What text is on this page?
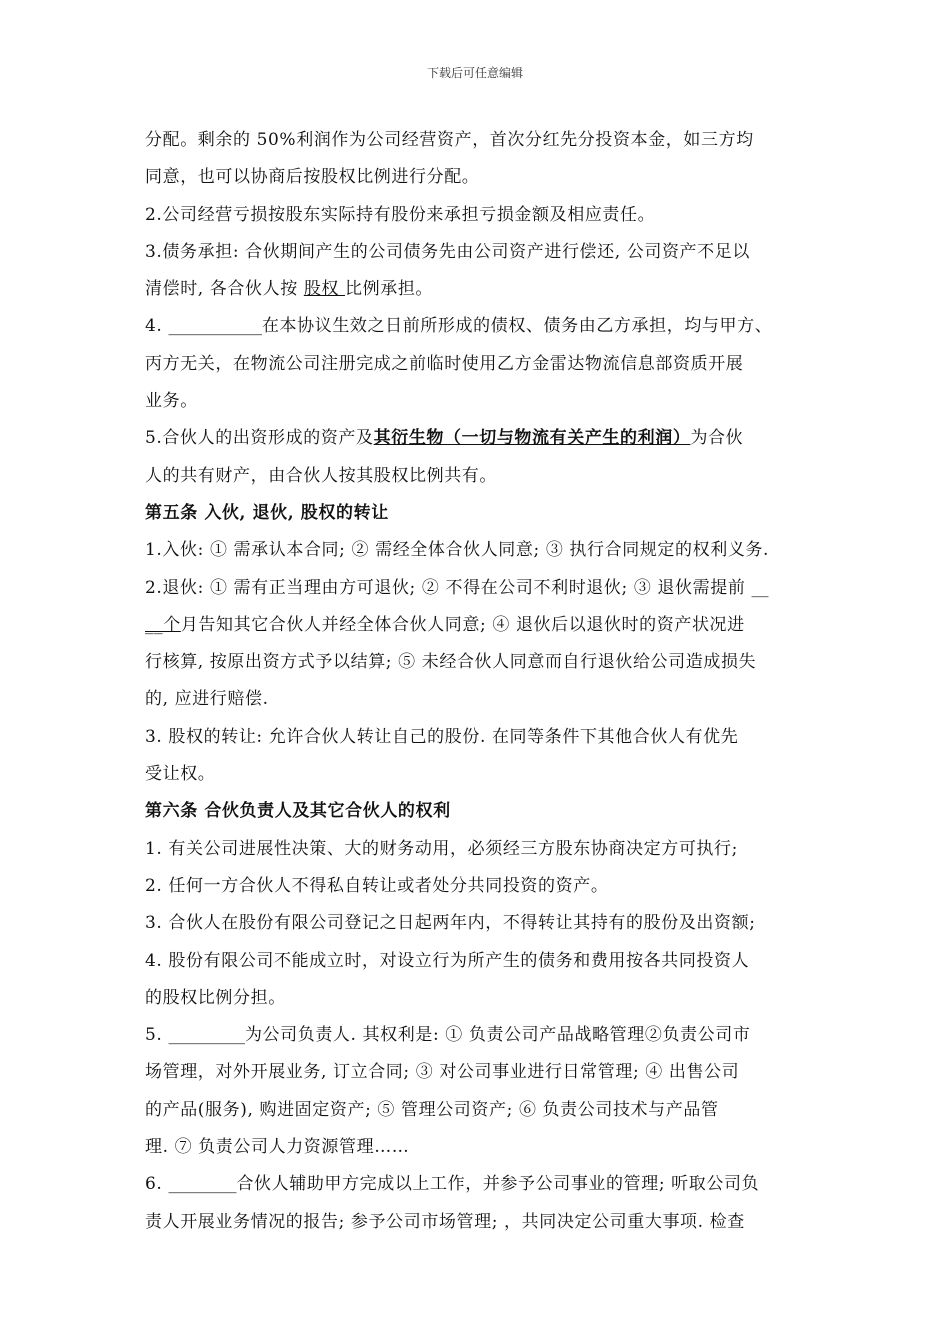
下载后可任意编辑
分配。剩余的 50%利润作为公司经营资产，首次分红先分投资本金，如三方均
同意，也可以协商后按股权比例进行分配。
2.公司经营亏损按股东实际持有股份来承担亏损金额及相应责任。
3.债务承担: 合伙期间产生的公司债务先由公司资产进行偿还, 公司资产不足以
清偿时, 各合伙人按 股权 比例承担。
4. ___________在本协议生效之日前所形成的债权、债务由乙方承担，均与甲方、
丙方无关，在物流公司注册完成之前临时使用乙方金雷达物流信息部资质开展
业务。
5.合伙人的出资形成的资产及其衍生物（一切与物流有关产生的利润）为合伙
人的共有财产，由合伙人按其股权比例共有。
第五条 入伙, 退伙, 股权的转让
1.入伙: ① 需承认本合同; ② 需经全体合伙人同意; ③ 执行合同规定的权利义务.
2.退伙: ① 需有正当理由方可退伙; ② 不得在公司不利时退伙; ③ 退伙需提前 __
__个月告知其它合伙人并经全体合伙人同意; ④ 退伙后以退伙时的资产状况进
行核算, 按原出资方式予以结算; ⑤ 未经合伙人同意而自行退伙给公司造成损失
的, 应进行赔偿.
3. 股权的转让: 允许合伙人转让自己的股份. 在同等条件下其他合伙人有优先
受让权。
第六条 合伙负责人及其它合伙人的权利
1. 有关公司进展性决策、大的财务动用，必须经三方股东协商决定方可执行;
2. 任何一方合伙人不得私自转让或者处分共同投资的资产。
3. 合伙人在股份有限公司登记之日起两年内，不得转让其持有的股份及出资额;
4. 股份有限公司不能成立时，对设立行为所产生的债务和费用按各共同投资人
的股权比例分担。
5. _________为公司负责人. 其权利是: ① 负责公司产品战略管理②负责公司市
场管理，对外开展业务, 订立合同; ③ 对公司事业进行日常管理; ④ 出售公司
的产品(服务), 购进固定资产; ⑤ 管理公司资产; ⑥ 负责公司技术与产品管
理. ⑦ 负责公司人力资源管理……
6. ________合伙人辅助甲方完成以上工作，并参予公司事业的管理; 听取公司负
责人开展业务情况的报告; 参予公司市场管理; ，共同决定公司重大事项. 检查
